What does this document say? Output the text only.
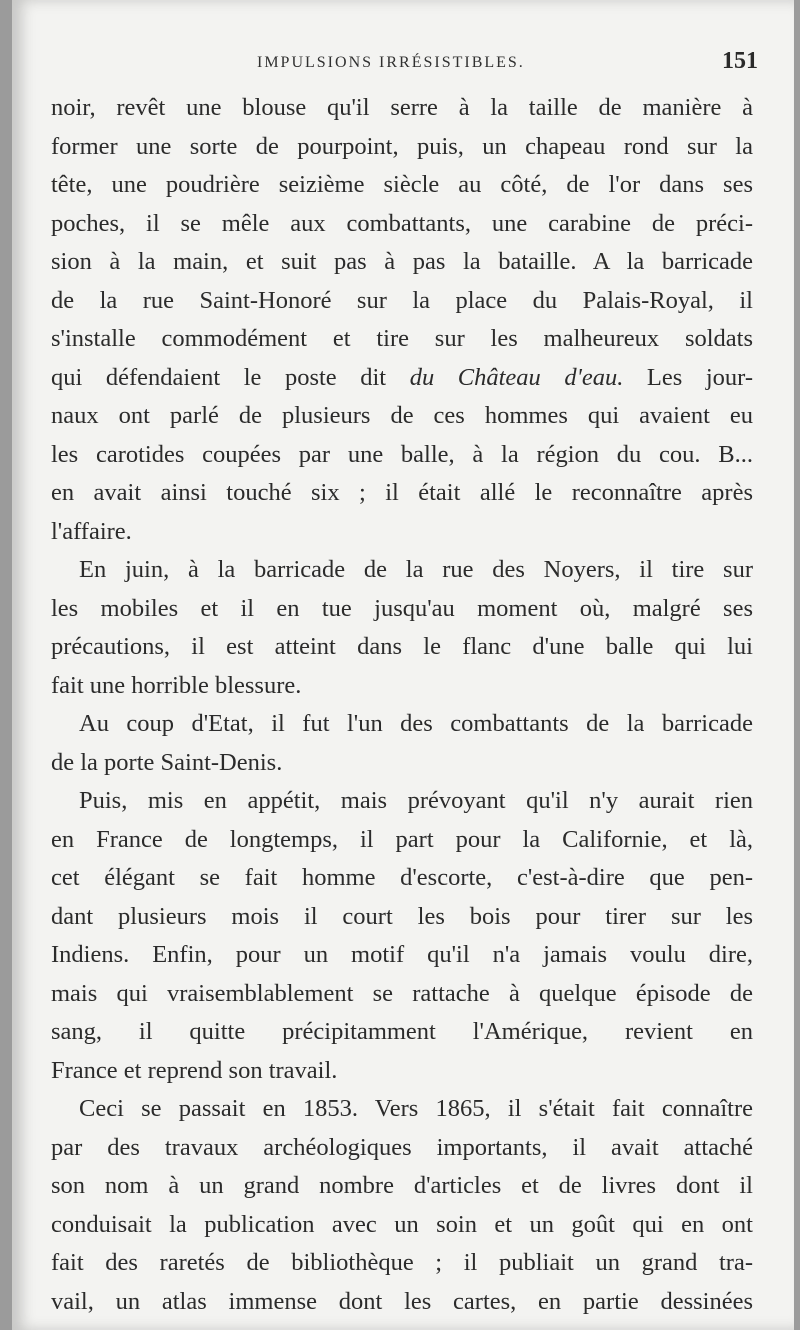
IMPULSIONS IRRÉSISTIBLES.	151

noir, revêt une blouse qu'il serre à la taille de manière à
former une sorte de pourpoint, puis, un chapeau rond sur la
tête, une poudrière seizième siècle au côté, de l'or dans ses
poches, il se mêle aux combattants, une carabine de préci-
sion à la main, et suit pas à pas la bataille. A la barricade
de la rue Saint-Honoré sur la place du Palais-Royal, il
s'installe commodément et tire sur les malheureux soldats
qui défendaient le poste dit du Château d'eau. Les jour-
naux ont parlé de plusieurs de ces hommes qui avaient eu
les carotides coupées par une balle, à la région du cou. B...
en avait ainsi touché six ; il était allé le reconnaître après
l'affaire.

En juin, à la barricade de la rue des Noyers, il tire sur
les mobiles et il en tue jusqu'au moment où, malgré ses
précautions, il est atteint dans le flanc d'une balle qui lui
fait une horrible blessure.

Au coup d'Etat, il fut l'un des combattants de la barricade
de la porte Saint-Denis.

Puis, mis en appétit, mais prévoyant qu'il n'y aurait rien
en France de longtemps, il part pour la Californie, et là,
cet élégant se fait homme d'escorte, c'est-à-dire que pen-
dant plusieurs mois il court les bois pour tirer sur les
Indiens. Enfin, pour un motif qu'il n'a jamais voulu dire,
mais qui vraisemblablement se rattache à quelque épisode de
sang, il quitte précipitamment l'Amérique, revient en
France et reprend son travail.

Ceci se passait en 1853. Vers 1865, il s'était fait connaître
par des travaux archéologiques importants, il avait attaché
son nom à un grand nombre d'articles et de livres dont il
conduisait la publication avec un soin et un goût qui en ont
fait des raretés de bibliothèque ; il publiait un grand tra-
vail, un atlas immense dont les cartes, en partie dessinées
